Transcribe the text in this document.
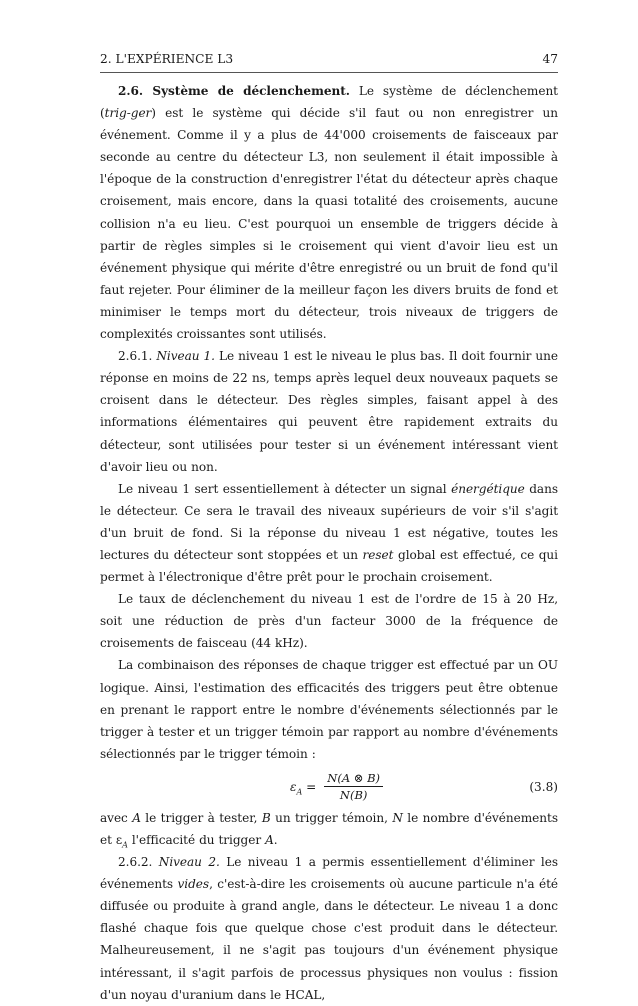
2. L'EXPÉRIENCE L3	47

2.6. Système de déclenchement. Le système de déclenchement (trig-ger) est le système qui décide s'il faut ou non enregistrer un événement. Comme il y a plus de 44'000 croisements de faisceaux par seconde au centre du détecteur L3, non seulement il était impossible à l'époque de la construction d'enregistrer l'état du détecteur après chaque croisement, mais encore, dans la quasi totalité des croisements, aucune collision n'a eu lieu. C'est pourquoi un ensemble de triggers décide à partir de règles simples si le croisement qui vient d'avoir lieu est un événement physique qui mérite d'être enregistré ou un bruit de fond qu'il faut rejeter. Pour éliminer de la meilleur façon les divers bruits de fond et minimiser le temps mort du détecteur, trois niveaux de triggers de complexités croissantes sont utilisés.

2.6.1. Niveau 1. Le niveau 1 est le niveau le plus bas. Il doit fournir une réponse en moins de 22 ns, temps après lequel deux nouveaux paquets se croisent dans le détecteur. Des règles simples, faisant appel à des informations élémentaires qui peuvent être rapidement extraits du détecteur, sont utilisées pour tester si un événement intéressant vient d'avoir lieu ou non.

Le niveau 1 sert essentiellement à détecter un signal énergétique dans le détecteur. Ce sera le travail des niveaux supérieurs de voir s'il s'agit d'un bruit de fond. Si la réponse du niveau 1 est négative, toutes les lectures du détecteur sont stoppées et un reset global est effectué, ce qui permet à l'électronique d'être prêt pour le prochain croisement.

Le taux de déclenchement du niveau 1 est de l'ordre de 15 à 20 Hz, soit une réduction de près d'un facteur 3000 de la fréquence de croisements de faisceau (44 kHz).

La combinaison des réponses de chaque trigger est effectué par un OU logique. Ainsi, l'estimation des efficacités des triggers peut être obtenue en prenant le rapport entre le nombre d'événements sélectionnés par le trigger à tester et un trigger témoin par rapport au nombre d'événements sélectionnés par le trigger témoin :

$\varepsilon_A = \frac{N(A \otimes B)}{N(B)}$	(3.8)

avec A le trigger à tester, B un trigger témoin, N le nombre d'événements et $\varepsilon_A$ l'efficacité du trigger A.

2.6.2. Niveau 2. Le niveau 1 a permis essentiellement d'éliminer les événements vides, c'est-à-dire les croisements où aucune particule n'a été diffusée ou produite à grand angle, dans le détecteur. Le niveau 1 a donc flashé chaque fois que quelque chose c'est produit dans le détecteur. Malheureusement, il ne s'agit pas toujours d'un événement physique intéressant, il s'agit parfois de processus physiques non voulus : fission d'un noyau d'uranium dans le HCAL,
